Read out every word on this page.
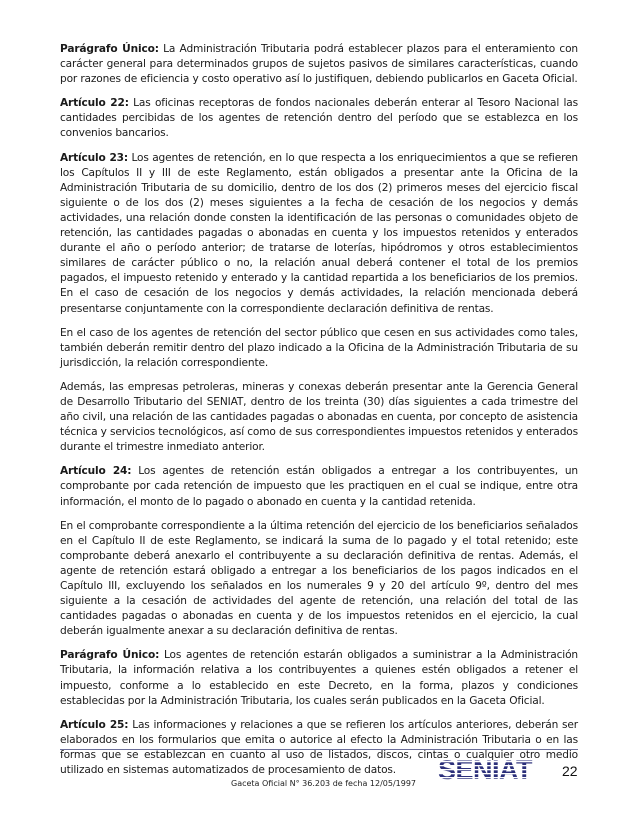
Parágrafo Único: La Administración Tributaria podrá establecer plazos para el enteramiento con carácter general para determinados grupos de sujetos pasivos de similares características, cuando por razones de eficiencia y costo operativo así lo justifiquen, debiendo publicarlos en Gaceta Oficial.

Artículo 22: Las oficinas receptoras de fondos nacionales deberán enterar al Tesoro Nacional las cantidades percibidas de los agentes de retención dentro del período que se establezca en los convenios bancarios.

Artículo 23: Los agentes de retención, en lo que respecta a los enriquecimientos a que se refieren los Capítulos II y III de este Reglamento, están obligados a presentar ante la Oficina de la Administración Tributaria de su domicilio, dentro de los dos (2) primeros meses del ejercicio fiscal siguiente o de los dos (2) meses siguientes a la fecha de cesación de los negocios y demás actividades, una relación donde consten la identificación de las personas o comunidades objeto de retención, las cantidades pagadas o abonadas en cuenta y los impuestos retenidos y enterados durante el año o período anterior; de tratarse de loterías, hipódromos y otros establecimientos similares de carácter público o no, la relación anual deberá contener el total de los premios pagados, el impuesto retenido y enterado y la cantidad repartida a los beneficiarios de los premios. En el caso de cesación de los negocios y demás actividades, la relación mencionada deberá presentarse conjuntamente con la correspondiente declaración definitiva de rentas.

En el caso de los agentes de retención del sector público que cesen en sus actividades como tales, también deberán remitir dentro del plazo indicado a la Oficina de la Administración Tributaria de su jurisdicción, la relación correspondiente.

Además, las empresas petroleras, mineras y conexas deberán presentar ante la Gerencia General de Desarrollo Tributario del SENIAT, dentro de los treinta (30) días siguientes a cada trimestre del año civil, una relación de las cantidades pagadas o abonadas en cuenta, por concepto de asistencia técnica y servicios tecnológicos, así como de sus correspondientes impuestos retenidos y enterados durante el trimestre inmediato anterior.

Artículo 24: Los agentes de retención están obligados a entregar a los contribuyentes, un comprobante por cada retención de impuesto que les practiquen en el cual se indique, entre otra información, el monto de lo pagado o abonado en cuenta y la cantidad retenida.

En el comprobante correspondiente a la última retención del ejercicio de los beneficiarios señalados en el Capítulo II de este Reglamento, se indicará la suma de lo pagado y el total retenido; este comprobante deberá anexarlo el contribuyente a su declaración definitiva de rentas. Además, el agente de retención estará obligado a entregar a los beneficiarios de los pagos indicados en el Capítulo III, excluyendo los señalados en los numerales 9 y 20 del artículo 9º, dentro del mes siguiente a la cesación de actividades del agente de retención, una relación del total de las cantidades pagadas o abonadas en cuenta y de los impuestos retenidos en el ejercicio, la cual deberán igualmente anexar a su declaración definitiva de rentas.

Parágrafo Único: Los agentes de retención estarán obligados a suministrar a la Administración Tributaria, la información relativa a los contribuyentes a quienes estén obligados a retener el impuesto, conforme a lo establecido en este Decreto, en la forma, plazos y condiciones establecidas por la Administración Tributaria, los cuales serán publicados en la Gaceta Oficial.

Artículo 25: Las informaciones y relaciones a que se refieren los artículos anteriores, deberán ser elaborados en los formularios que emita o autorice al efecto la Administración Tributaria o en las formas que se establezcan en cuanto al uso de listados, discos, cintas o cualquier otro medio utilizado en sistemas automatizados de procesamiento de datos.	22
Gaceta Oficial N° 36.203 de fecha 12/05/1997
